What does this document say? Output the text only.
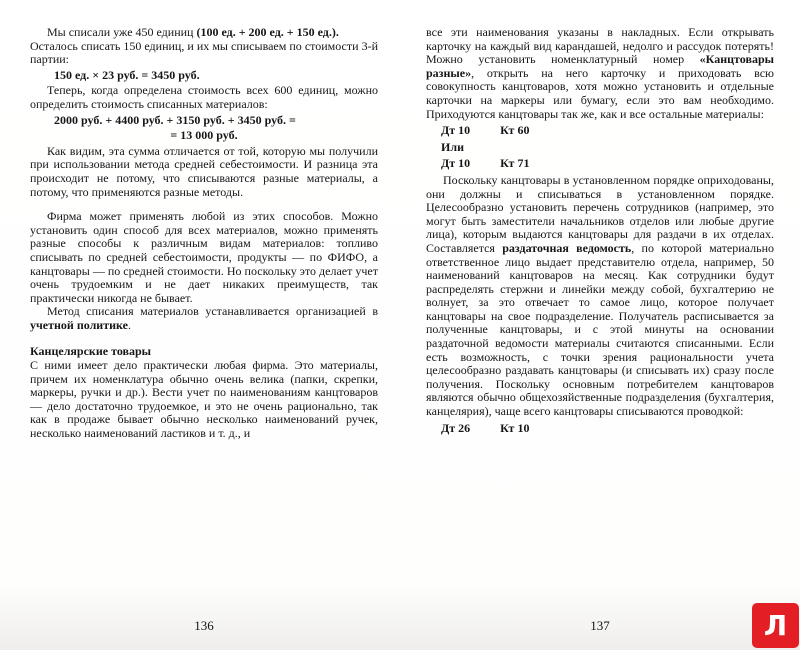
Мы списали уже 450 единиц (100 ед. + 200 ед. + 150 ед.).
Осталось списать 150 единиц, и их мы списываем по стоимости 3-й партии:
150 ед. × 23 руб. = 3450 руб.
Теперь, когда определена стоимость всех 600 единиц, можно определить стоимость списанных материалов:
2000 руб. + 4400 руб. + 3150 руб. + 3450 руб. =
= 13 000 руб.
Как видим, эта сумма отличается от той, которую мы получили при использовании метода средней себестоимости. И разница эта происходит не потому, что списываются разные материалы, а потому, что применяются разные методы.
Фирма может применять любой из этих способов. Можно установить один способ для всех материалов, можно применять разные способы к различным видам материалов: топливо списывать по средней себестоимости, продукты — по ФИФО, а канцтовары — по средней стоимости. Но поскольку это делает учет очень трудоемким и не дает никаких преимуществ, так практически никогда не бывает.
Метод списания материалов устанавливается организацией в учетной политике.
Канцелярские товары
С ними имеет дело практически любая фирма. Это материалы, причем их номенклатура обычно очень велика (папки, скрепки, маркеры, ручки и др.). Вести учет по наименованиям канцтоваров — дело достаточно трудоемкое, и это не очень рационально, так как в продаже бывает обычно несколько наименований ручек, несколько наименований ластиков и т. д., и
136
все эти наименования указаны в накладных. Если открывать карточку на каждый вид карандашей, недолго и рассудок потерять! Можно установить номенклатурный номер «Канцтовары разные», открыть на него карточку и приходовать всю совокупность канцтоваров, хотя можно установить и отдельные карточки на маркеры или бумагу, если это вам необходимо. Приходуются канцтовары так же, как и все остальные материалы:
Дт 10	Кт 60
Или
Дт 10	Кт 71
Поскольку канцтовары в установленном порядке оприходованы, они должны и списываться в установленном порядке. Целесообразно установить перечень сотрудников (например, это могут быть заместители начальников отделов или любые другие лица), которым выдаются канцтовары для раздачи в их отделах. Составляется раздаточная ведомость, по которой материально ответственное лицо выдает представителю отдела, например, 50 наименований канцтоваров на месяц. Как сотрудники будут распределять стержни и линейки между собой, бухгалтерию не волнует, за это отвечает то самое лицо, которое получает канцтовары на свое подразделение. Получатель расписывается за полученные канцтовары, и с этой минуты на основании раздаточной ведомости материалы считаются списанными. Если есть возможность, с точки зрения рациональности учета целесообразно раздавать канцтовары (и списывать их) сразу после получения. Поскольку основным потребителем канцтоваров являются обычно общехозяйственные подразделения (бухгалтерия, канцелярия), чаще всего канцтовары списываются проводкой:
Дт 26	Кт 10
137	Л
